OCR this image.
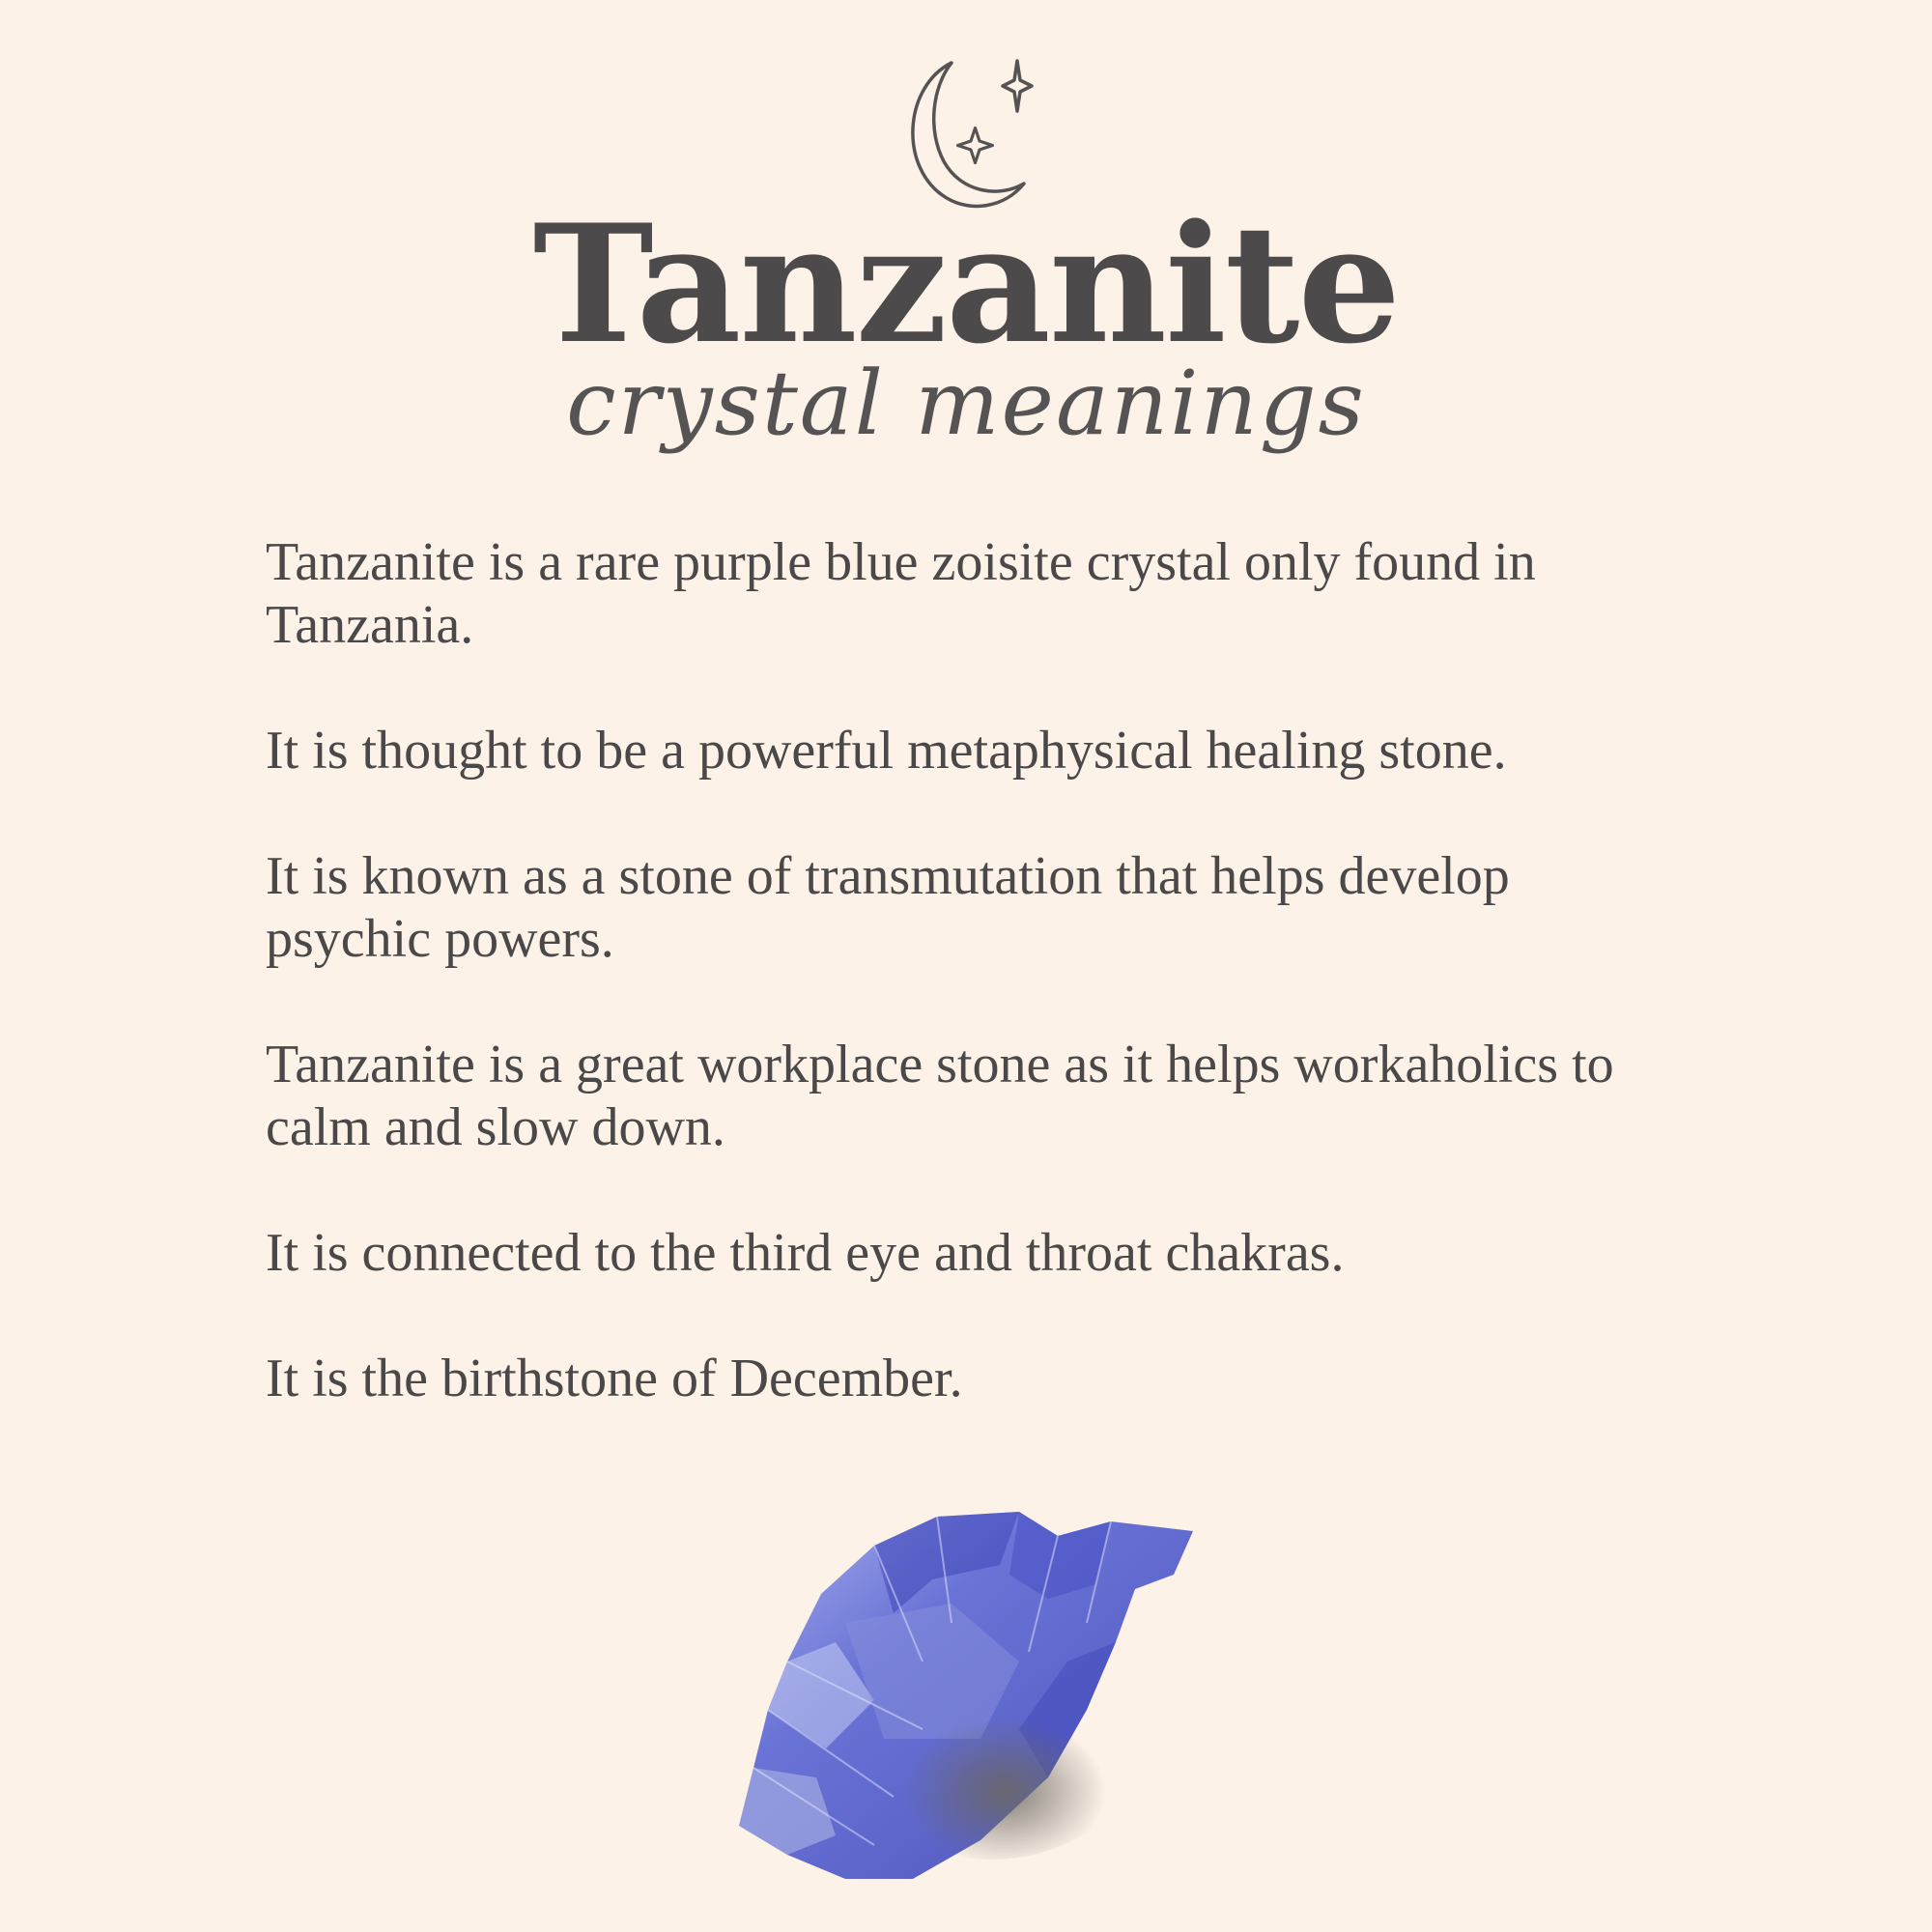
Tanzanite
crystal meanings

Tanzanite is a rare purple blue zoisite crystal only found in Tanzania.

It is thought to be a powerful metaphysical healing stone.

It is known as a stone of transmutation that helps develop psychic powers.

Tanzanite is a great workplace stone as it helps workaholics to calm and slow down.

It is connected to the third eye and throat chakras.

It is the birthstone of December.
